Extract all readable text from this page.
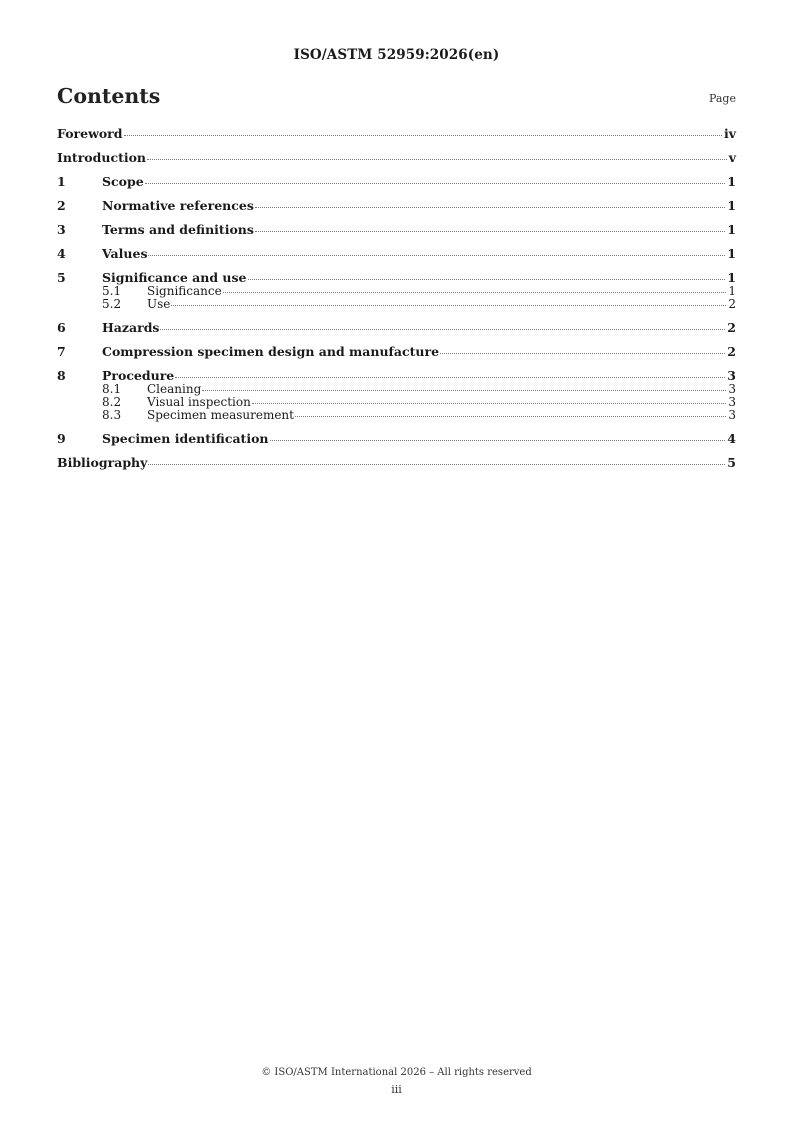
ISO/ASTM 52959:2026(en)
Contents	Page
Foreword	iv
Introduction	v
1	Scope	1
2	Normative references	1
3	Terms and definitions	1
4	Values	1
5	Significance and use	1
5.1	Significance	1
5.2	Use	2
6	Hazards	2
7	Compression specimen design and manufacture	2
8	Procedure	3
8.1	Cleaning	3
8.2	Visual inspection	3
8.3	Specimen measurement	3
9	Specimen identification	4
Bibliography	5
© ISO/ASTM International 2026 – All rights reserved
iii
